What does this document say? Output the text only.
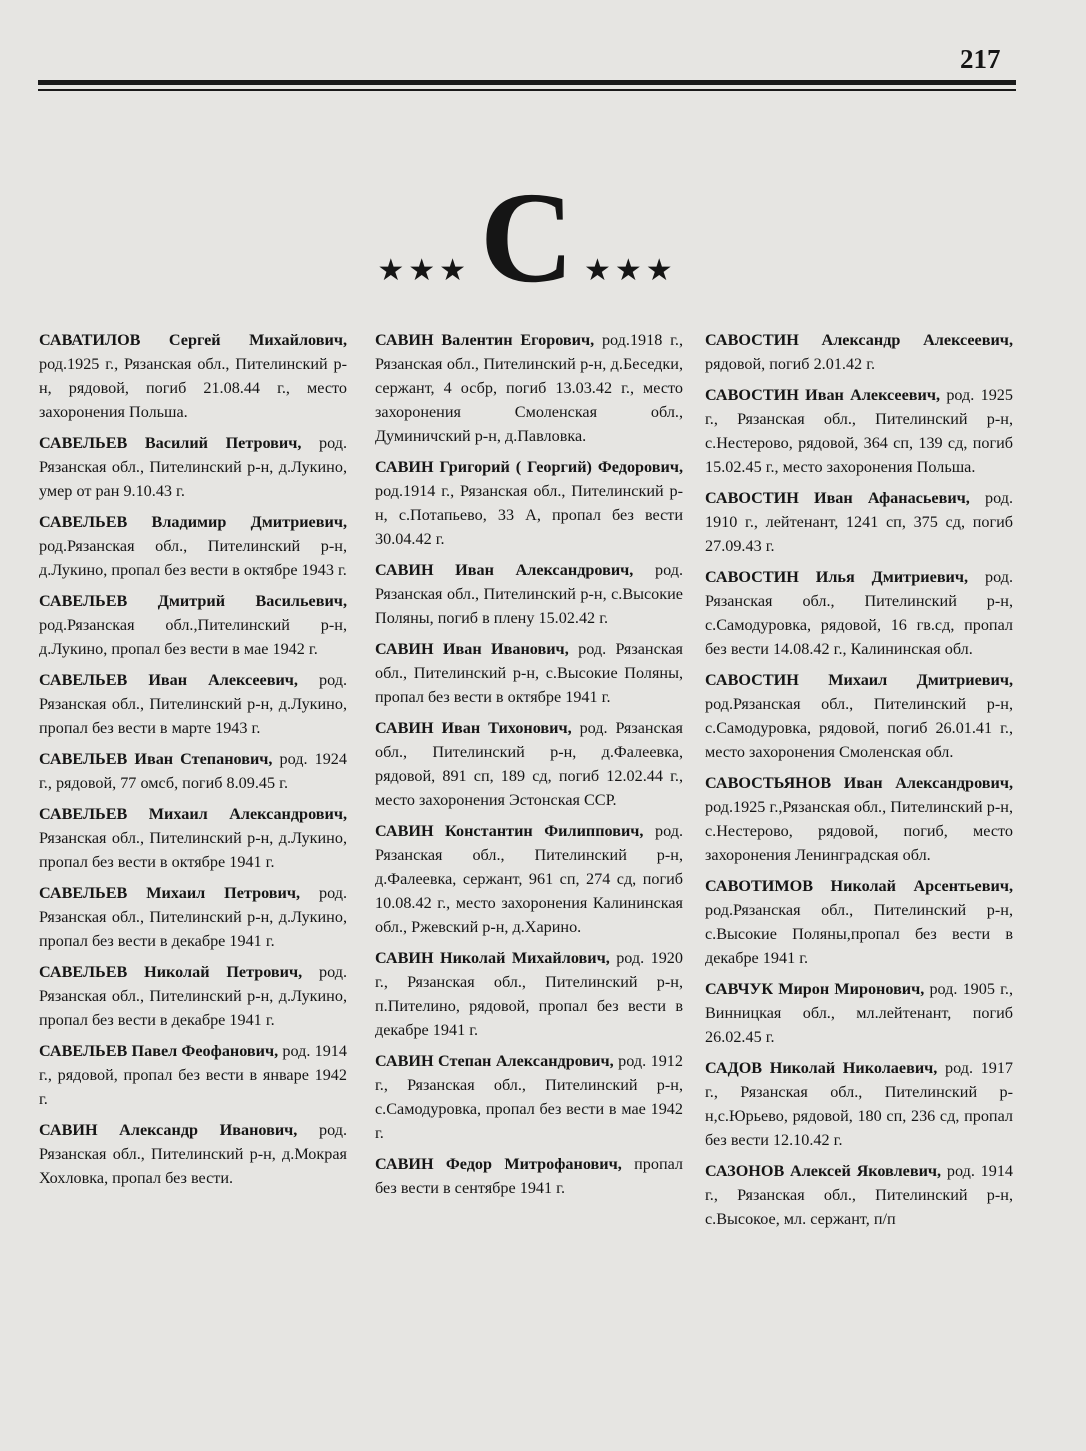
217
★★★ С ★★★

САВАТИЛОВ Сергей Михайлович, род.1925 г., Рязанская обл., Пителинский р-н, рядовой, погиб 21.08.44 г., место захоронения Польша.

САВЕЛЬЕВ Василий Петрович, род. Рязанская обл., Пителинский р-н, д.Лукино, умер от ран 9.10.43 г.

САВЕЛЬЕВ Владимир Дмитриевич, род.Рязанская обл., Пителинский р-н, д.Лукино, пропал без вести в октябре 1943 г.

САВЕЛЬЕВ Дмитрий Васильевич, род.Рязанская обл.,Пителинский р-н, д.Лукино, пропал без вести в мае 1942 г.

САВЕЛЬЕВ Иван Алексеевич, род. Рязанская обл., Пителинский р-н, д.Лукино, пропал без вести в марте 1943 г.

САВЕЛЬЕВ Иван Степанович, род. 1924 г., рядовой, 77 омсб, погиб 8.09.45 г.

САВЕЛЬЕВ Михаил Александрович, Рязанская обл., Пителинский р-н, д.Лукино, пропал без вести в октябре 1941 г.

САВЕЛЬЕВ Михаил Петрович, род. Рязанская обл., Пителинский р-н, д.Лукино, пропал без вести в декабре 1941 г.

САВЕЛЬЕВ Николай Петрович, род. Рязанская обл., Пителинский р-н, д.Лукино, пропал без вести в декабре 1941 г.

САВЕЛЬЕВ Павел Феофанович, род. 1914 г., рядовой, пропал без вести в январе 1942 г.

САВИН Александр Иванович, род. Рязанская обл., Пителинский р-н, д.Мокрая Хохловка, пропал без вести.

САВИН Валентин Егорович, род.1918 г., Рязанская обл., Пителинский р-н, д.Беседки, сержант, 4 осбр, погиб 13.03.42 г., место захоронения Смоленская обл., Думиничский р-н, д.Павловка.

САВИН Григорий ( Георгий) Федорович, род.1914 г., Рязанская обл., Пителинский р-н, с.Потапьево, 33 А, пропал без вести 30.04.42 г.

САВИН Иван Александрович, род. Рязанская обл., Пителинский р-н, с.Высокие Поляны, погиб в плену 15.02.42 г.

САВИН Иван Иванович, род. Рязанская обл., Пителинский р-н, с.Высокие Поляны, пропал без вести в октябре 1941 г.

САВИН Иван Тихонович, род. Рязанская обл., Пителинский р-н, д.Фалеевка, рядовой, 891 сп, 189 сд, погиб 12.02.44 г., место захоронения Эстонская ССР.

САВИН Константин Филиппович, род. Рязанская обл., Пителинский р-н, д.Фалеевка, сержант, 961 сп, 274 сд, погиб 10.08.42 г., место захоронения Калининская обл., Ржевский р-н, д.Харино.

САВИН Николай Михайлович, род. 1920 г., Рязанская обл., Пителинский р-н, п.Пителино, рядовой, пропал без вести в декабре 1941 г.

САВИН Степан Александрович, род. 1912 г., Рязанская обл., Пителинский р-н, с.Самодуровка, пропал без вести в мае 1942 г.

САВИН Федор Митрофанович, пропал без вести в сентябре 1941 г.

САВОСТИН Александр Алексеевич, рядовой, погиб 2.01.42 г.

САВОСТИН Иван Алексеевич, род. 1925 г., Рязанская обл., Пителинский р-н, с.Нестерово, рядовой, 364 сп, 139 сд, погиб 15.02.45 г., место захоронения Польша.

САВОСТИН Иван Афанасьевич, род. 1910 г., лейтенант, 1241 сп, 375 сд, погиб 27.09.43 г.

САВОСТИН Илья Дмитриевич, род. Рязанская обл., Пителинский р-н, с.Самодуровка, рядовой, 16 гв.сд, пропал без вести 14.08.42 г., Калининская обл.

САВОСТИН Михаил Дмитриевич, род.Рязанская обл., Пителинский р-н, с.Самодуровка, рядовой, погиб 26.01.41 г., место захоронения Смоленская обл.

САВОСТЬЯНОВ Иван Александрович, род.1925 г.,Рязанская обл., Пителинский р-н, с.Нестерово, рядовой, погиб, место захоронения Ленинградская обл.

САВОТИМОВ Николай Арсентьевич, род.Рязанская обл., Пителинский р-н, с.Высокие Поляны,пропал без вести в декабре 1941 г.

САВЧУК Мирон Миронович, род. 1905 г., Винницкая обл., мл.лейтенант, погиб 26.02.45 г.

САДОВ Николай Николаевич, род. 1917 г., Рязанская обл., Пителинский р-н,с.Юрьево, рядовой, 180 сп, 236 сд, пропал без вести 12.10.42 г.

САЗОНОВ Алексей Яковлевич, род. 1914 г., Рязанская обл., Пителинский р-н, с.Высокое, мл. сержант, п/п
